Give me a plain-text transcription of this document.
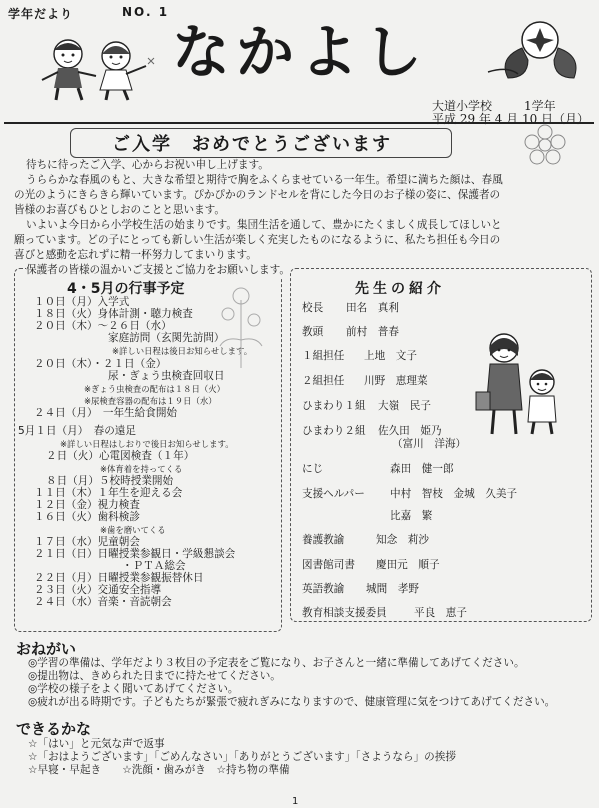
学年だより	NO. 1
なかよし
大道小学校	1学年
平成 29 年 4 月 10 日（月）
ご入学　おめでとうございます
待ちに待ったご入学、心からお祝い申し上げます。
うららかな春風のもと、大きな希望と期待で胸をふくらませている一年生。希望に満ちた顔は、春風
の光のようにきらきら輝いています。ぴかぴかのランドセルを背にした今日のお子様の姿に、保護者の
皆様のお喜びもひとしおのことと思います。
いよいよ今日から小学校生活の始まりです。集団生活を通して、豊かにたくましく成長してほしいと
願っています。どの子にとっても新しい生活が楽しく充実したものになるように、私たち担任も今日の
喜びと感動を忘れずに精一杯努力してまいります。
保護者の皆様の温かいご支援とご協力をお願いします。
4・5月の行事予定
１０日（月）入学式
１８日（火）身体計測・聴力検査
２０日（木）〜２６日（水）
家庭訪問（玄関先訪問）
※詳しい日程は後日お知らせします。
２０日（木）・２１日（金）
尿・ぎょう虫検査回収日
※ぎょう虫検査の配布は１８日（火）
※尿検査容器の配布は１９日（水）
２４日（月）　一年生給食開始
5月１日（月）　春の遠足
※詳しい日程はしおりで後日お知らせします。
２日（火）心電図検査（１年）
※体育着を持ってくる
８日（月）５校時授業開始
１１日（木）１年生を迎える会
１２日（金）視力検査
１６日（火）歯科検診
※歯を磨いてくる
１７日（水）児童朝会
２１日（日）日曜授業参観日・学級懇談会
・ＰＴＡ総会
２２日（月）日曜授業参観振替休日
２３日（火）交通安全指導
２４日（水）音楽・音読朝会
先生の紹介
校長 田名　真利
教頭 前村　普春
１組担任 上地　文子
２組担任 川野　恵理菜
ひまわり１組 大嶺　民子
ひまわり２組 佐久田　姫乃
（富川　洋海）
にじ	森田　健一郎
支援ヘルパー 中村　智枝　金城　久美子
比嘉　繁
養護教諭	知念　莉沙
図書館司書 慶田元　順子
英語教諭 城間　孝野
教育相談支援委員	平良　恵子
おねがい
◎学習の準備は、学年だより３枚目の予定表をご覧になり、お子さんと一緒に準備してあげてください。
◎提出物は、きめられた日までに持たせてください。
◎学校の様子をよく聞いてあげてください。
◎疲れが出る時期です。子どもたちが緊張で疲れぎみになりますので、健康管理に気をつけてあげてください。
できるかな
☆「はい」と元気な声で返事
☆「おはようございます」「ごめんなさい」「ありがとうございます」「さようなら」の挨拶
☆早寝・早起き　　☆洗顔・歯みがき　☆持ち物の準備
1
